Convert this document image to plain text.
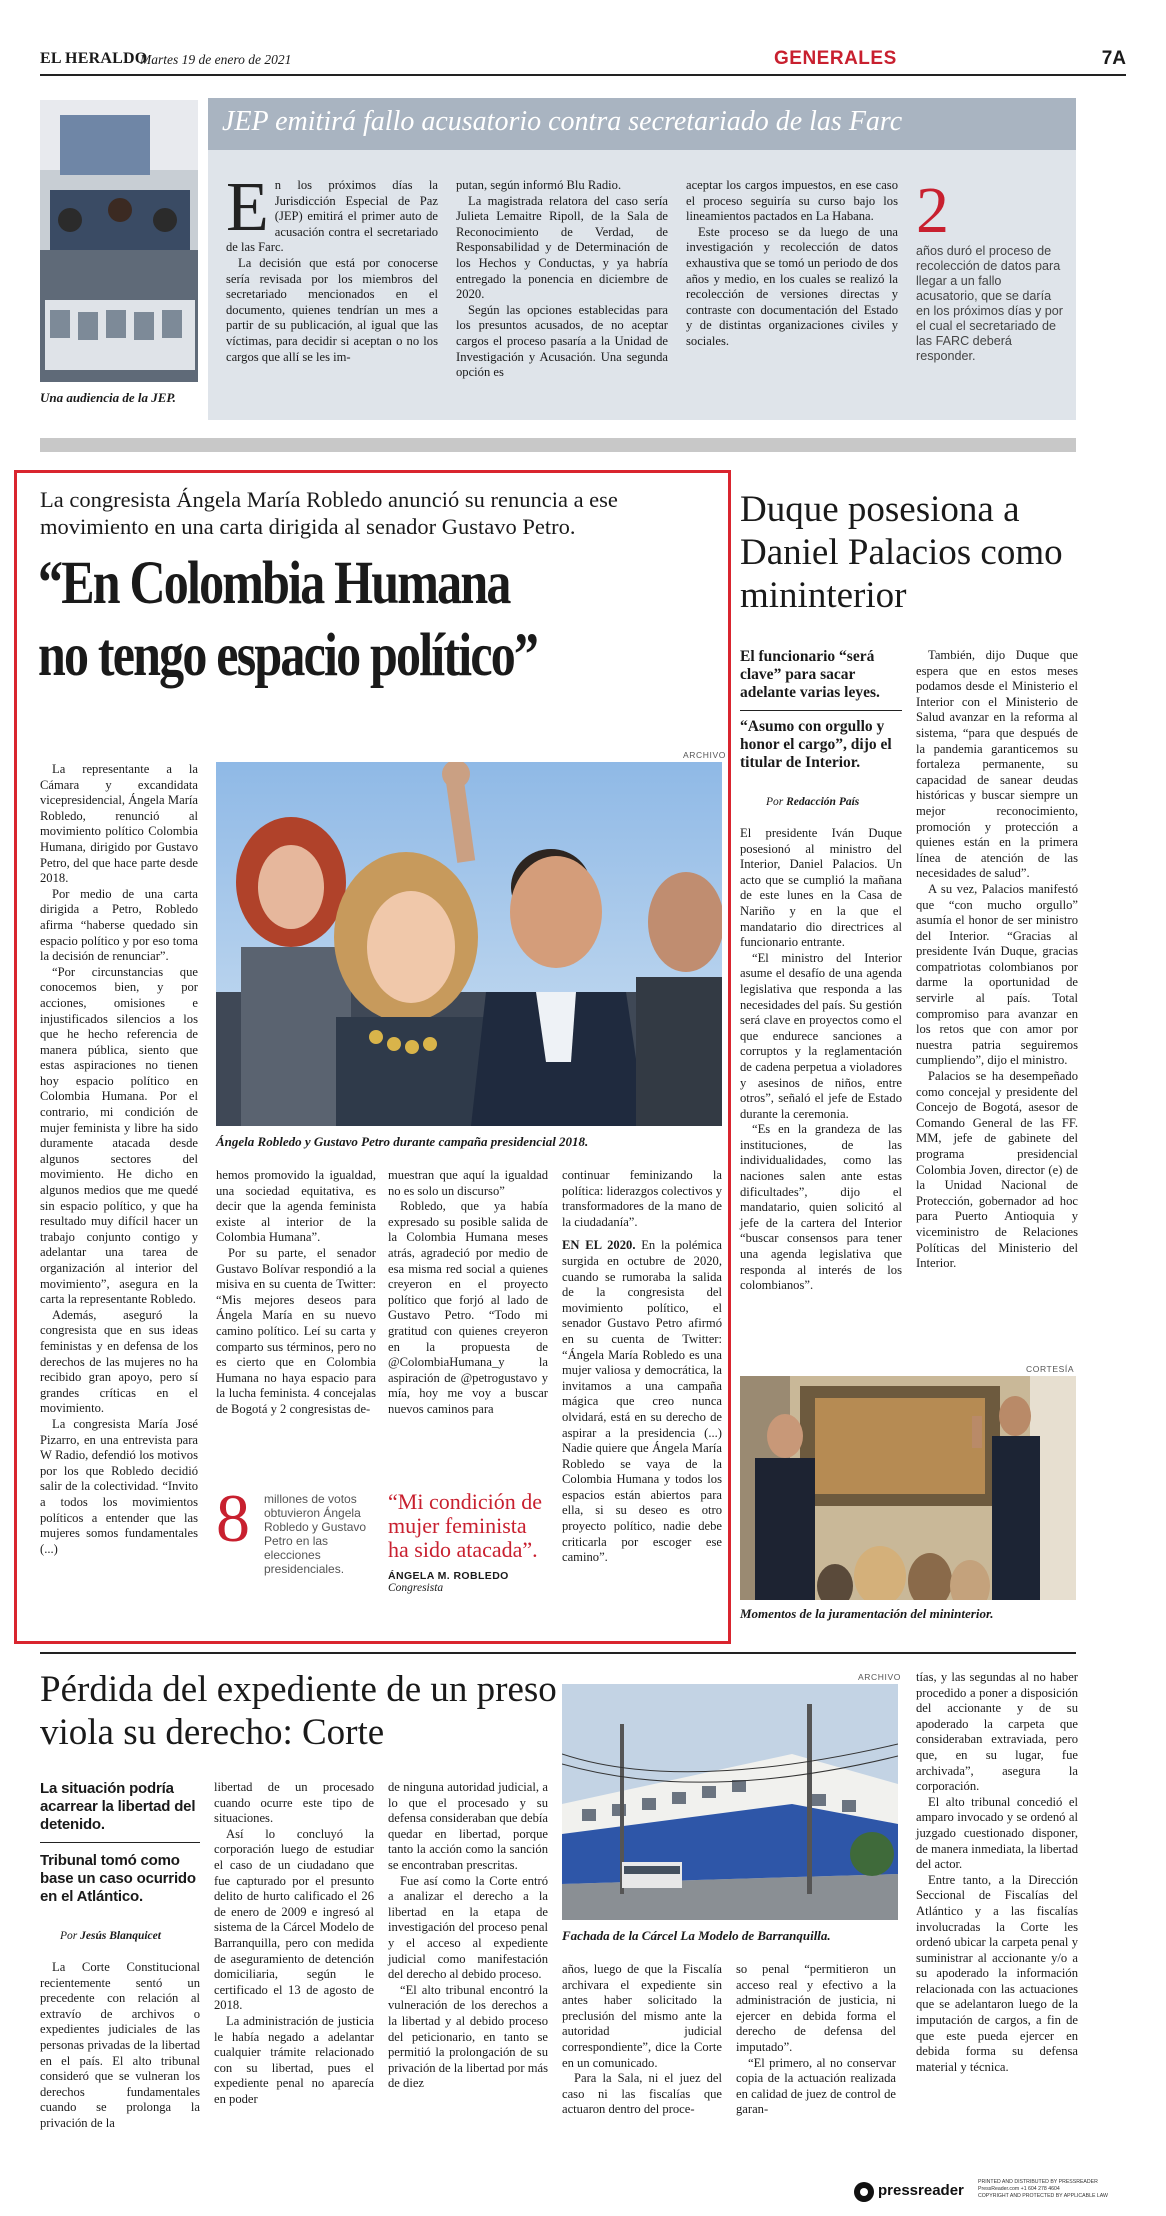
EL HERALDO
Martes 19 de enero de 2021	GENERALES	7A
Una audiencia de la JEP.
JEP emitirá fallo acusatorio contra secretariado de las Farc
E n los próximos días la Jurisdicción Especial de Paz (JEP) emitirá el primer auto de acusación contra el secretariado de las Farc.

La decisión que está por conocerse sería revisada por los miembros del secretariado mencionados en el documento, quienes tendrían un mes a partir de su publicación, al igual que las víctimas, para decidir si aceptan o no los cargos que allí se les im-

putan, según informó Blu Radio.

La magistrada relatora del caso sería Julieta Lemaitre Ripoll, de la Sala de Reconocimiento de Verdad, de Responsabilidad y de Determinación de los Hechos y Conductas, y ya habría entregado la ponencia en diciembre de 2020.

Según las opciones establecidas para los presuntos acusados, de no aceptar cargos el proceso pasaría a la Unidad de Investigación y Acusación. Una segunda opción es

aceptar los cargos impuestos, en ese caso el proceso seguiría su curso bajo los lineamientos pactados en La Habana.

Este proceso se da luego de una investigación y recolección de datos exhaustiva que se tomó un periodo de dos años y medio, en los cuales se realizó la recolección de versiones directas y contraste con documentación del Estado y de distintas organizaciones civiles y sociales.

2
años duró el proceso de recolección de datos para llegar a un fallo acusatorio, que se daría en los próximos días y por el cual el secretariado de las FARC deberá responder.
La congresista Ángela María Robledo anunció su renuncia a ese movimiento en una carta dirigida al senador Gustavo Petro.
“En Colombia Humana
no tengo espacio político”
ARCHIVO
Ángela Robledo y Gustavo Petro durante campaña presidencial 2018.

La representante a la Cámara y excandidata vicepresidencial, Ángela María Robledo, renunció al movimiento político Colombia Humana, dirigido por Gustavo Petro, del que hace parte desde 2018.

Por medio de una carta dirigida a Petro, Robledo afirma “haberse quedado sin espacio político y por eso toma la decisión de renunciar”.

“Por circunstancias que conocemos bien, y por acciones, omisiones e injustificados silencios a los que he hecho referencia de manera pública, siento que estas aspiraciones no tienen hoy espacio político en Colombia Humana. Por el contrario, mi condición de mujer feminista y libre ha sido duramente atacada desde algunos sectores del movimiento. He dicho en algunos medios que me quedé sin espacio político, y que ha resultado muy difícil hacer un trabajo conjunto contigo y adelantar una tarea de organización al interior del movimiento”, asegura en la carta la representante Robledo.

Además, aseguró la congresista que en sus ideas feministas y en defensa de los derechos de las mujeres no ha recibido gran apoyo, pero sí grandes críticas en el movimiento.

La congresista María José Pizarro, en una entrevista para W Radio, defendió los motivos por los que Robledo decidió salir de la colectividad. “Invito a todos los movimientos políticos a entender que las mujeres somos fundamentales (...)

hemos promovido la igualdad, una sociedad equitativa, es decir que la agenda feminista existe al interior de la Colombia Humana”.

Por su parte, el senador Gustavo Bolívar respondió a la misiva en su cuenta de Twitter: “Mis mejores deseos para Ángela María en su nuevo camino político. Leí su carta y comparto sus términos, pero no es cierto que en Colombia Humana no haya espacio para la lucha feminista. 4 concejalas de Bogotá y 2 congresistas de-

muestran que aquí la igualdad no es solo un discurso”

Robledo, que ya había expresado su posible salida de la Colombia Humana meses atrás, agradeció por medio de esa misma red social a quienes creyeron en el proyecto político que forjó al lado de Gustavo Petro. “Todo mi gratitud con quienes creyeron en la propuesta de @ColombiaHumana_y la aspiración de @petrogustavo y mía, hoy me voy a buscar nuevos caminos para

continuar feminizando la política: liderazgos colectivos y transformadores de la mano de la ciudadanía”.

EN EL 2020. En la polémica surgida en octubre de 2020, cuando se rumoraba la salida de la congresista del movimiento político, el senador Gustavo Petro afirmó en su cuenta de Twitter: “Ángela María Robledo es una mujer valiosa y democrática, la invitamos a una campaña mágica que creo nunca olvidará, está en su derecho de aspirar a la presidencia (...) Nadie quiere que Ángela María Robledo se vaya de la Colombia Humana y todos los espacios están abiertos para ella, si su deseo es otro proyecto político, nadie debe criticarla por escoger ese camino”.

8 millones de votos obtuvieron Ángela Robledo y Gustavo Petro en las elecciones presidenciales.
“Mi condición de mujer feminista ha sido atacada”.
ÁNGELA M. ROBLEDO
Congresista
Duque posesiona a Daniel Palacios como mininterior
El funcionario “será clave” para sacar adelante varias leyes.
“Asumo con orgullo y honor el cargo”, dijo el titular de Interior.
Por Redacción País

El presidente Iván Duque posesionó al ministro del Interior, Daniel Palacios. Un acto que se cumplió la mañana de este lunes en la Casa de Nariño y en la que el mandatario dio directrices al funcionario entrante.

“El ministro del Interior asume el desafío de una agenda legislativa que responda a las necesidades del país. Su gestión será clave en proyectos como el que endurece sanciones a corruptos y la reglamentación de cadena perpetua a violadores y asesinos de niños, entre otros”, señaló el jefe de Estado durante la ceremonia.

“Es en la grandeza de las instituciones, de las individualidades, como las naciones salen ante estas dificultades”, dijo el mandatario, quien solicitó al jefe de la cartera del Interior “buscar consensos para tener una agenda legislativa que responda al interés de los colombianos”.

También, dijo Duque que espera que en estos meses podamos desde el Ministerio el Interior con el Ministerio de Salud avanzar en la reforma al sistema, “para que después de la pandemia garanticemos su fortaleza permanente, su capacidad de sanear deudas históricas y buscar siempre un mejor reconocimiento, promoción y protección a quienes están en la primera línea de atención de las necesidades de salud”.

A su vez, Palacios manifestó que “con mucho orgullo” asumía el honor de ser ministro del Interior. “Gracias al presidente Iván Duque, gracias compatriotas colombianos por darme la oportunidad de servirle al país. Total compromiso para avanzar en los retos que con amor por nuestra patria seguiremos cumpliendo”, dijo el ministro.

Palacios se ha desempeñado como concejal y presidente del Concejo de Bogotá, asesor de Comando General de las FF. MM, jefe de gabinete del programa presidencial Colombia Joven, director (e) de la Unidad Nacional de Protección, gobernador ad hoc para Puerto Antioquia y viceministro de Relaciones Políticas del Ministerio del Interior.

CORTESÍA
Momentos de la juramentación del mininterior.
Pérdida del expediente de un preso viola su derecho: Corte
La situación podría acarrear la libertad del detenido.
Tribunal tomó como base un caso ocurrido en el Atlántico.
Por Jesús Blanquicet

La Corte Constitucional recientemente sentó un precedente con relación al extravío de archivos o expedientes judiciales de las personas privadas de la libertad en el país. El alto tribunal consideró que se vulneran los derechos fundamentales cuando se prolonga la privación de la

libertad de un procesado cuando ocurre este tipo de situaciones.

Así lo concluyó la corporación luego de estudiar el caso de un ciudadano que fue capturado por el presunto delito de hurto calificado el 26 de enero de 2009 e ingresó al sistema de la Cárcel Modelo de Barranquilla, pero con medida de aseguramiento de detención domiciliaria, según le certificado el 13 de agosto de 2018.

La administración de justicia le había negado a adelantar cualquier trámite relacionado con su libertad, pues el expediente penal no aparecía en poder

de ninguna autoridad judicial, a lo que el procesado y su defensa consideraban que debía quedar en libertad, porque tanto la acción como la sanción se encontraban prescritas.

Fue así como la Corte entró a analizar el derecho a la libertad en la etapa de investigación del proceso penal y el acceso al expediente judicial como manifestación del derecho al debido proceso.

“El alto tribunal encontró la vulneración de los derechos a la libertad y al debido proceso del peticionario, en tanto se permitió la prolongación de su privación de la libertad por más de diez

ARCHIVO
Fachada de la Cárcel La Modelo de Barranquilla.

años, luego de que la Fiscalía archivara el expediente sin antes haber solicitado la preclusión del mismo ante la autoridad judicial correspondiente”, dice la Corte en un comunicado.

Para la Sala, ni el juez del caso ni las fiscalías que actuaron dentro del proce-

so penal “permitieron un acceso real y efectivo a la administración de justicia, ni ejercer en debida forma el derecho de defensa del imputado”.

“El primero, al no conservar copia de la actuación realizada en calidad de juez de control de garan-

tías, y las segundas al no haber procedido a poner a disposición del accionante y de su apoderado la carpeta que consideraban extraviada, pero que, en su lugar, fue archivada”, asegura la corporación.

El alto tribunal concedió el amparo invocado y se ordenó al juzgado cuestionado disponer, de manera inmediata, la libertad del actor.

Entre tanto, a la Dirección Seccional de Fiscalías del Atlántico y a las fiscalías involucradas la Corte les ordenó ubicar la carpeta penal y suministrar al accionante y/o a su apoderado la información relacionada con las actuaciones que se adelantaron luego de la imputación de cargos, a fin de que este pueda ejercer en debida forma su defensa material y técnica.

pressreader	PRINTED AND DISTRIBUTED BY PRESSREADER
PressReader.com +1 604 278 4604
COPYRIGHT AND PROTECTED BY APPLICABLE LAW
